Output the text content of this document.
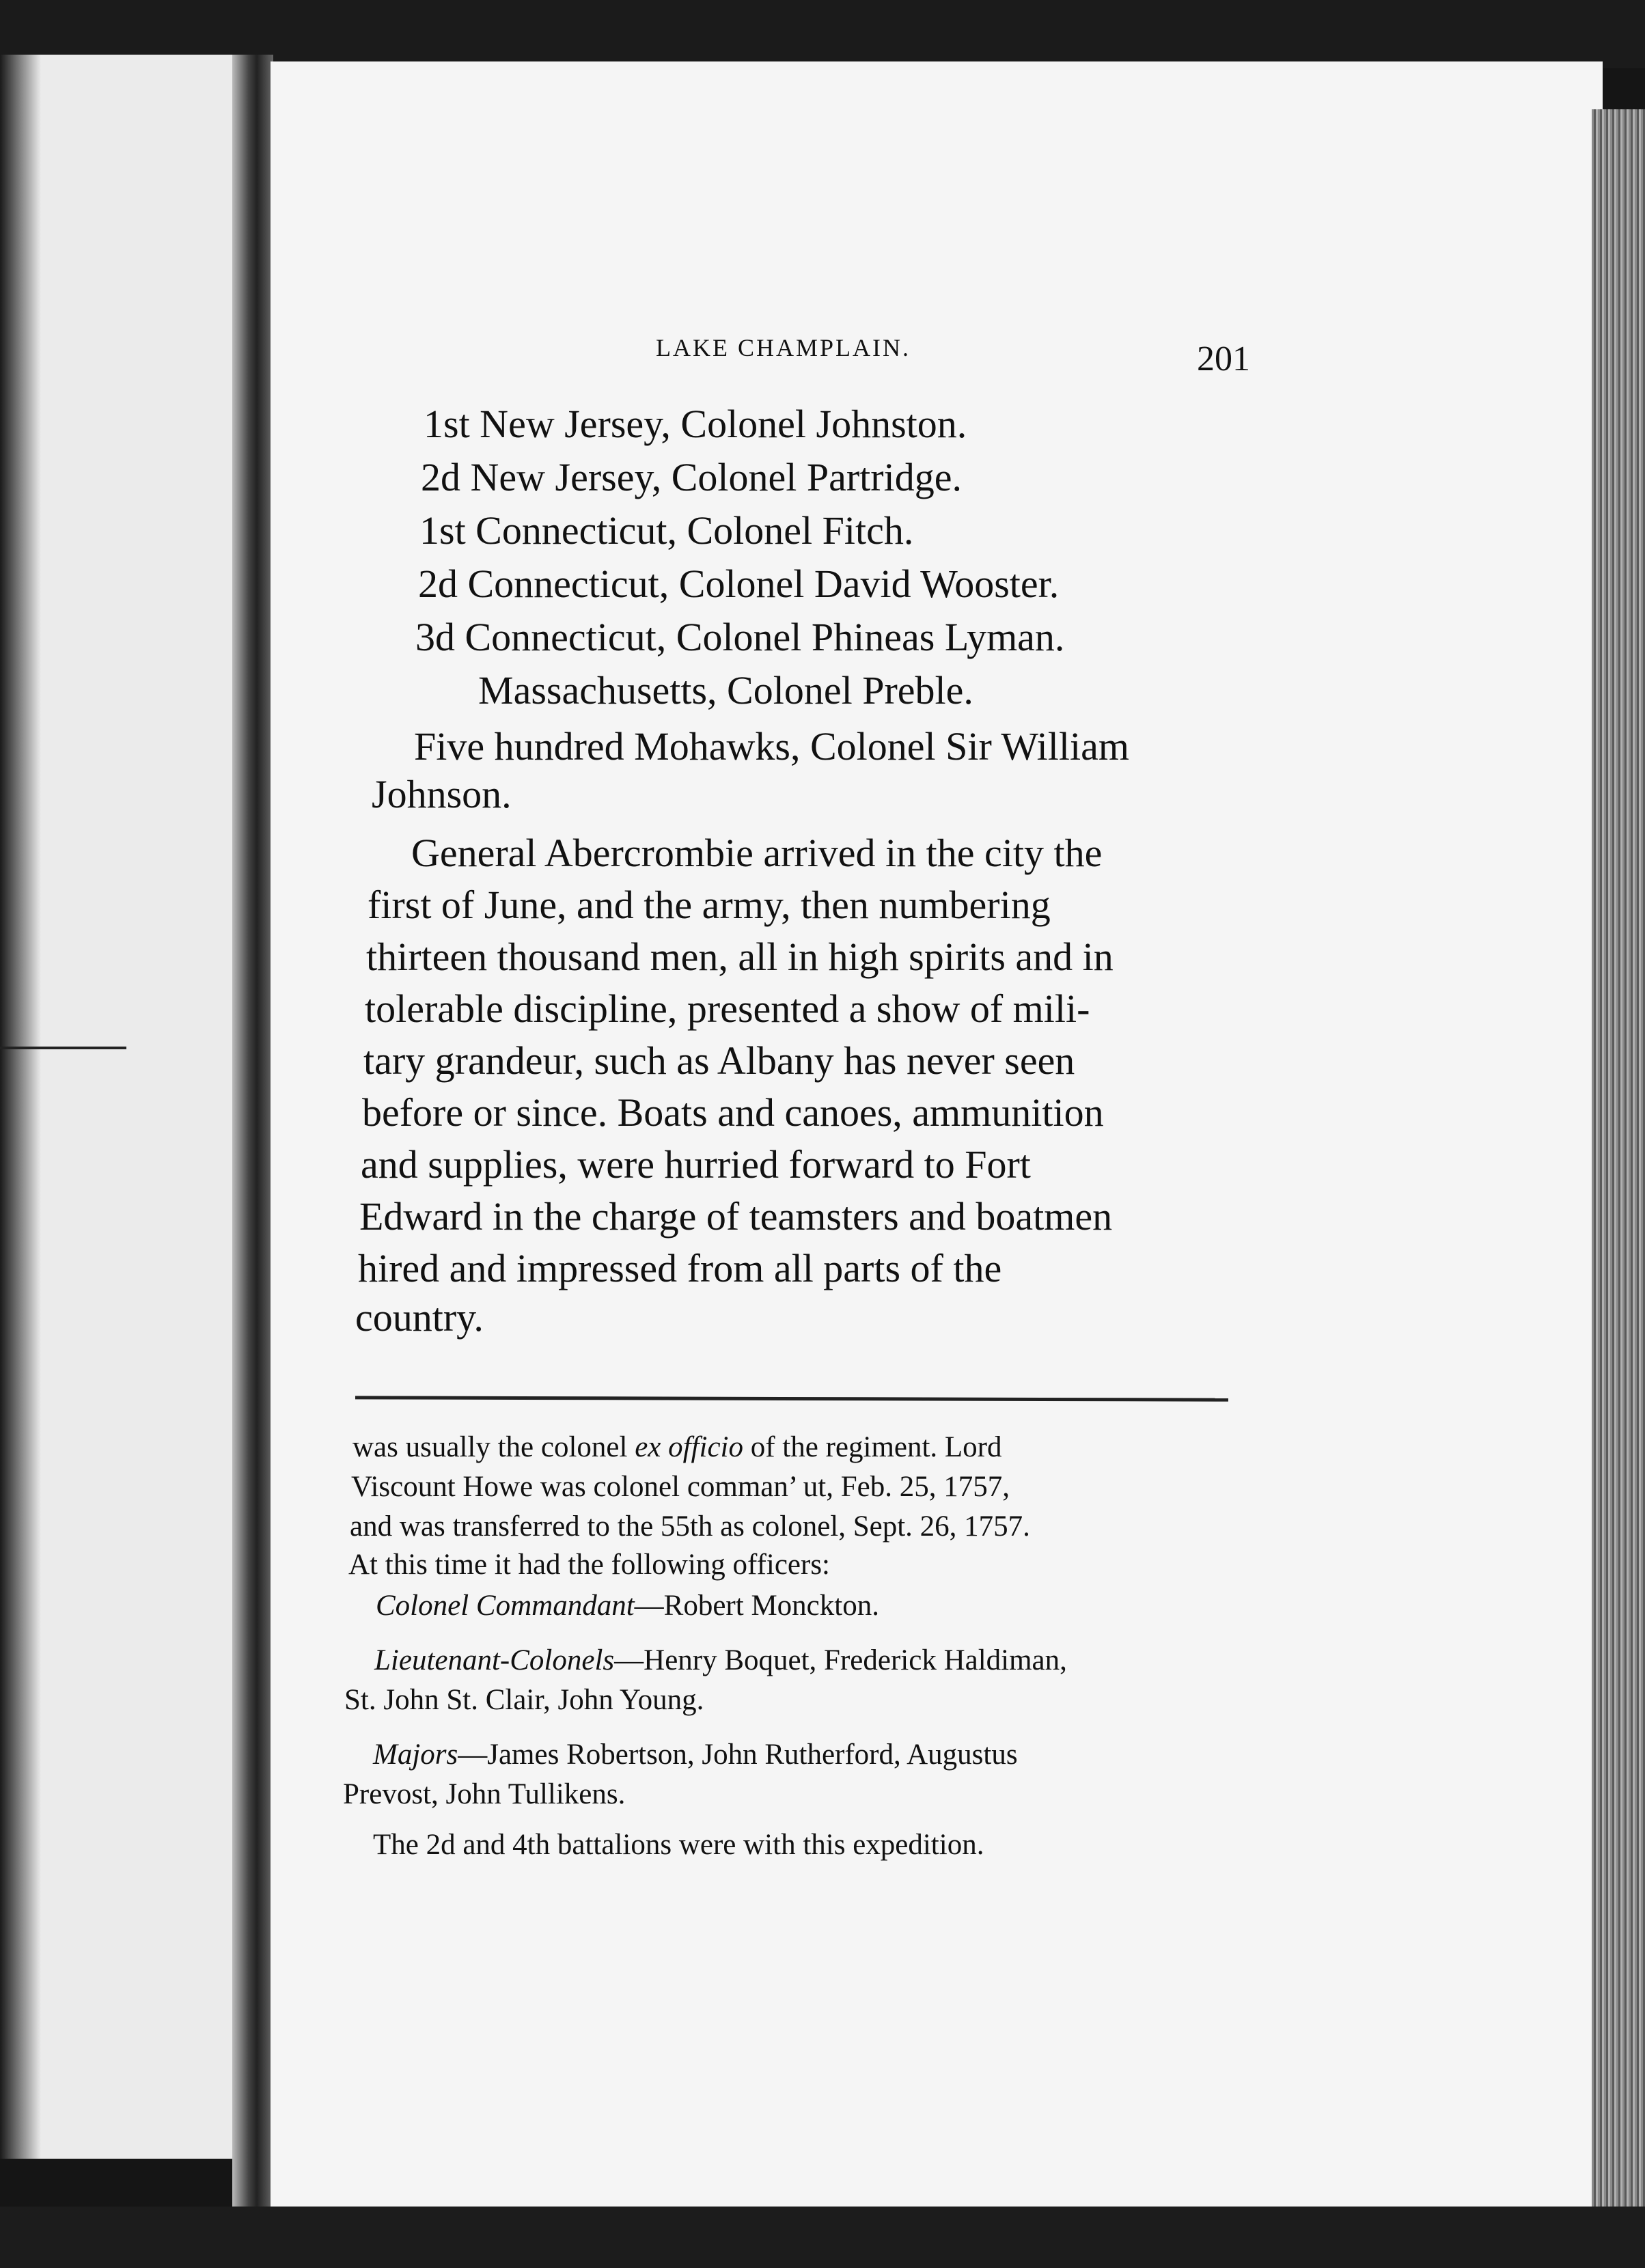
LAKE CHAMPLAIN.	201
1st New Jersey, Colonel Johnston.
2d New Jersey, Colonel Partridge.
1st Connecticut, Colonel Fitch.
2d Connecticut, Colonel David Wooster.
3d Connecticut, Colonel Phineas Lyman.
Massachusetts, Colonel Preble.
Five hundred Mohawks, Colonel Sir William
Johnson.
General Abercrombie arrived in the city the
first of June, and the army, then numbering
thirteen thousand men, all in high spirits and in
tolerable discipline, presented a show of mili-
tary grandeur, such as Albany has never seen
before or since. Boats and canoes, ammunition
and supplies, were hurried forward to Fort
Edward in the charge of teamsters and boatmen
hired and impressed from all parts of the
country.
was usually the colonel ex officio of the regiment. Lord
Viscount Howe was colonel comman’ ut, Feb. 25, 1757,
and was transferred to the 55th as colonel, Sept. 26, 1757.
At this time it had the following officers:
Colonel Commandant—Robert Monckton.
Lieutenant-Colonels—Henry Boquet, Frederick Haldiman,
St. John St. Clair, John Young.
Majors—James Robertson, John Rutherford, Augustus
Prevost, John Tullikens.
The 2d and 4th battalions were with this expedition.
